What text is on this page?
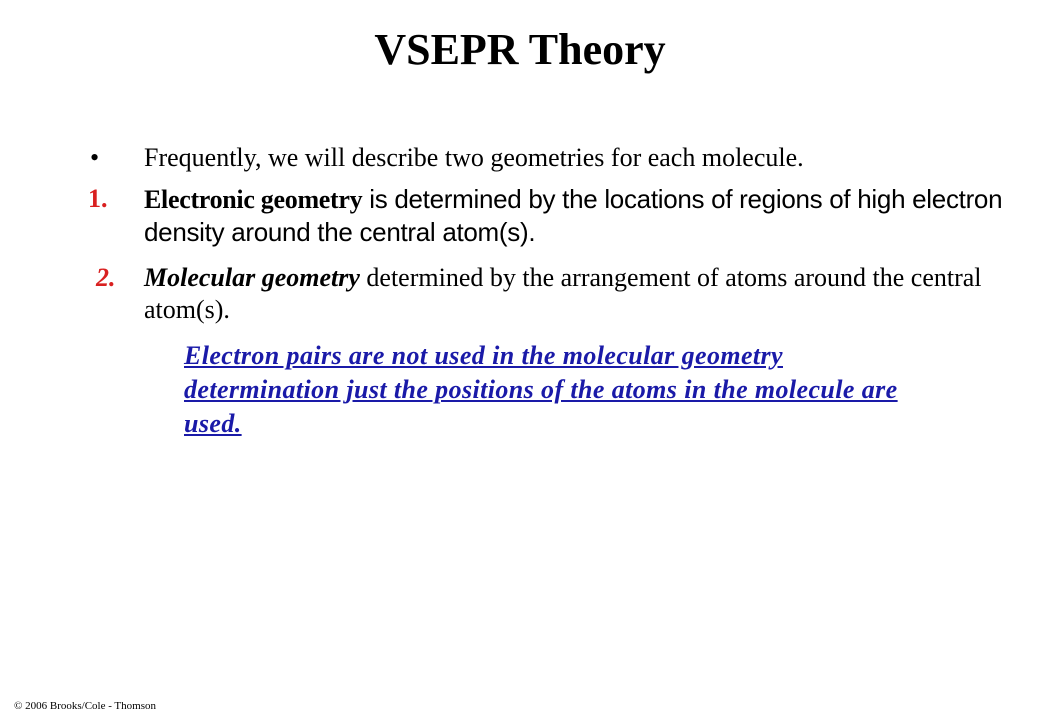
VSEPR Theory
• Frequently, we will describe two geometries for each molecule.
1. Electronic geometry is determined by the locations of regions of high electron density around the central atom(s).
2. Molecular geometry determined by the arrangement of atoms around the central atom(s).
Electron pairs are not used in the molecular geometry determination just the positions of the atoms in the molecule are used.
© 2006 Brooks/Cole - Thomson
